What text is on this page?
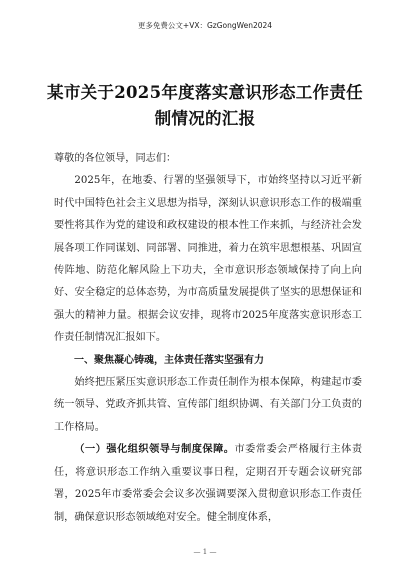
更多免费公文+VX：GzGongWen2024
某市关于2025年度落实意识形态工作责任制情况的汇报

尊敬的各位领导，同志们：

2025年，在地委、行署的坚强领导下，市始终坚持以习近平新时代中国特色社会主义思想为指导，深刻认识意识形态工作的极端重要性将其作为党的建设和政权建设的根本性工作来抓，与经济社会发展各项工作同谋划、同部署、同推进，着力在筑牢思想根基、巩固宣传阵地、防范化解风险上下功夫，全市意识形态领域保持了向上向好、安全稳定的总体态势，为市高质量发展提供了坚实的思想保证和强大的精神力量。根据会议安排，现将市2025年度落实意识形态工作责任制情况汇报如下。

一、聚焦凝心铸魂，主体责任落实坚强有力

始终把压紧压实意识形态工作责任制作为根本保障，构建起市委统一领导、党政齐抓共管、宣传部门组织协调、有关部门分工负责的工作格局。

（一）强化组织领导与制度保障。市委常委会严格履行主体责任，将意识形态工作纳入重要议事日程，定期召开专题会议研究部署，2025年市委常委会会议多次强调要深入贯彻意识形态工作责任制，确保意识形态领域绝对安全。健全制度体系，

— 1 —
